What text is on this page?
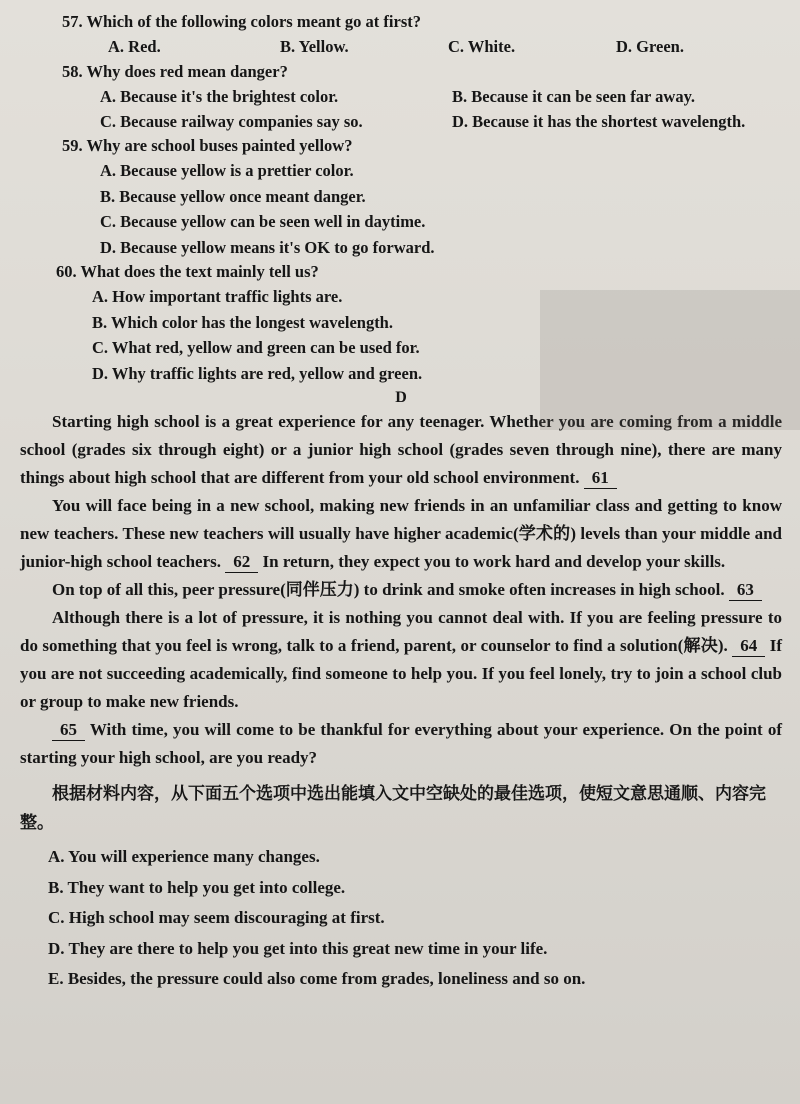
57. Which of the following colors meant go at first?
A. Red.	B. Yellow.	C. White.	D. Green.
58. Why does red mean danger?
A. Because it's the brightest color.	B. Because it can be seen far away.
C. Because railway companies say so.	D. Because it has the shortest wavelength.
59. Why are school buses painted yellow?
A. Because yellow is a prettier color.
B. Because yellow once meant danger.
C. Because yellow can be seen well in daytime.
D. Because yellow means it's OK to go forward.
60. What does the text mainly tell us?
A. How important traffic lights are.
B. Which color has the longest wavelength.
C. What red, yellow and green can be used for.
D. Why traffic lights are red, yellow and green.
D

Starting high school is a great experience for any teenager. Whether you are coming from a middle school (grades six through eight) or a junior high school (grades seven through nine), there are many things about high school that are different from your old school environment. 61

You will face being in a new school, making new friends in an unfamiliar class and getting to know new teachers. These new teachers will usually have higher academic(学术的) levels than your middle and junior-high school teachers. 62 In return, they expect you to work hard and develop your skills.

On top of all this, peer pressure(同伴压力) to drink and smoke often increases in high school. 63

Although there is a lot of pressure, it is nothing you cannot deal with. If you are feeling pressure to do something that you feel is wrong, talk to a friend, parent, or counselor to find a solution(解决). 64 If you are not succeeding academically, find someone to help you. If you feel lonely, try to join a school club or group to make new friends.

65 With time, you will come to be thankful for everything about your experience. On the point of starting your high school, are you ready?

根据材料内容，从下面五个选项中选出能填入文中空缺处的最佳选项，使短文意思通顺、内容完整。
A. You will experience many changes.
B. They want to help you get into college.
C. High school may seem discouraging at first.
D. They are there to help you get into this great new time in your life.
E. Besides, the pressure could also come from grades, loneliness and so on.
